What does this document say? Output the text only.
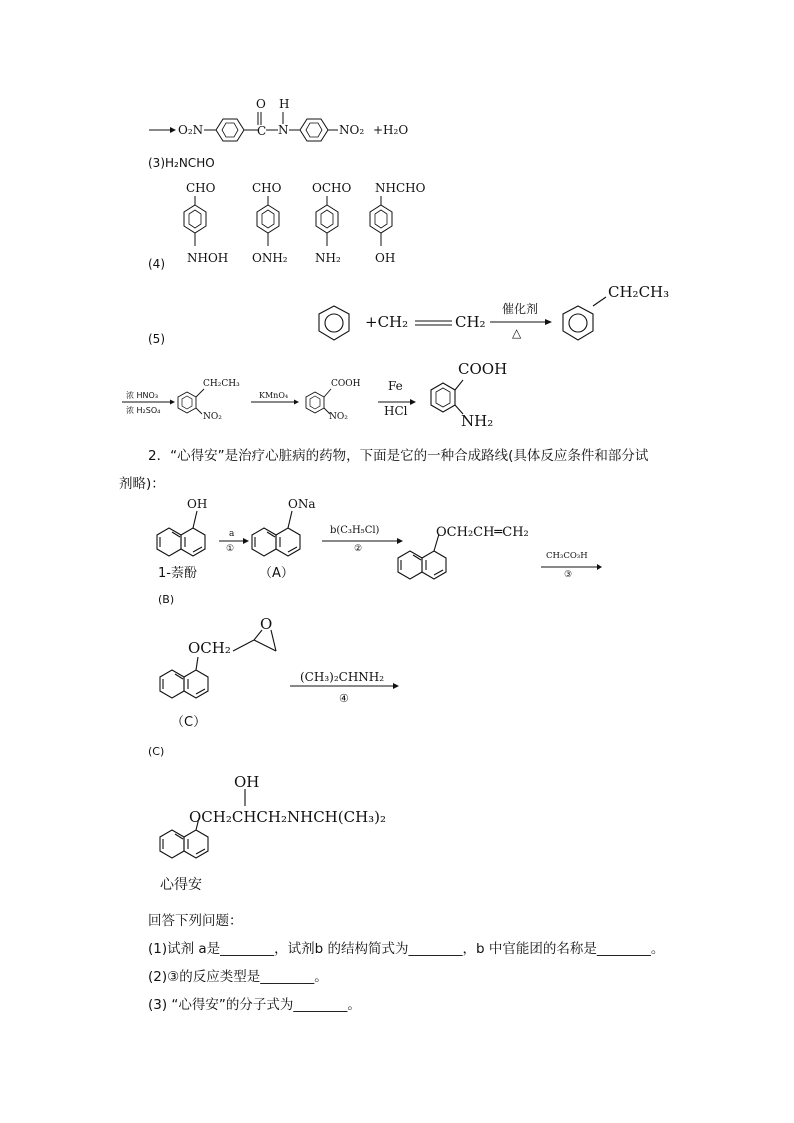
O₂N
O H
N
C	NO₂ +H₂O
(3)H₂NCHO
CHO	CHO	OCHO NHCHO
NHOH ONH₂ NH₂	OH
(4)
+CH₂	CH₂
催化剂
△
CH₂CH₃
(5)
浓 HNO₃
浓 H₂SO₄
CH₂CH₃
NO₂
KMnO₄
COOH
NO₂
Fe
HCl
COOH
NH₂
2．“心得安”是治疗心脏病的药物，下面是它的一种合成路线(具体反应条件和部分试
剂略)：
OH
1-萘酚
a
①
ONa
（A）
b(C₃H₅Cl)
②
OCH₂CH═CH₂
CH₃CO₃H
③
(B)
OCH₂
O
（C）
(CH₃)₂CHNH₂
④
(C)
OH
OCH₂CHCH₂NHCH(CH₃)₂
心得安
回答下列问题：
(1)试剂 a是________，试剂b 的结构简式为________，b 中官能团的名称是________。
(2)③的反应类型是________。
(3) “心得安”的分子式为________。
